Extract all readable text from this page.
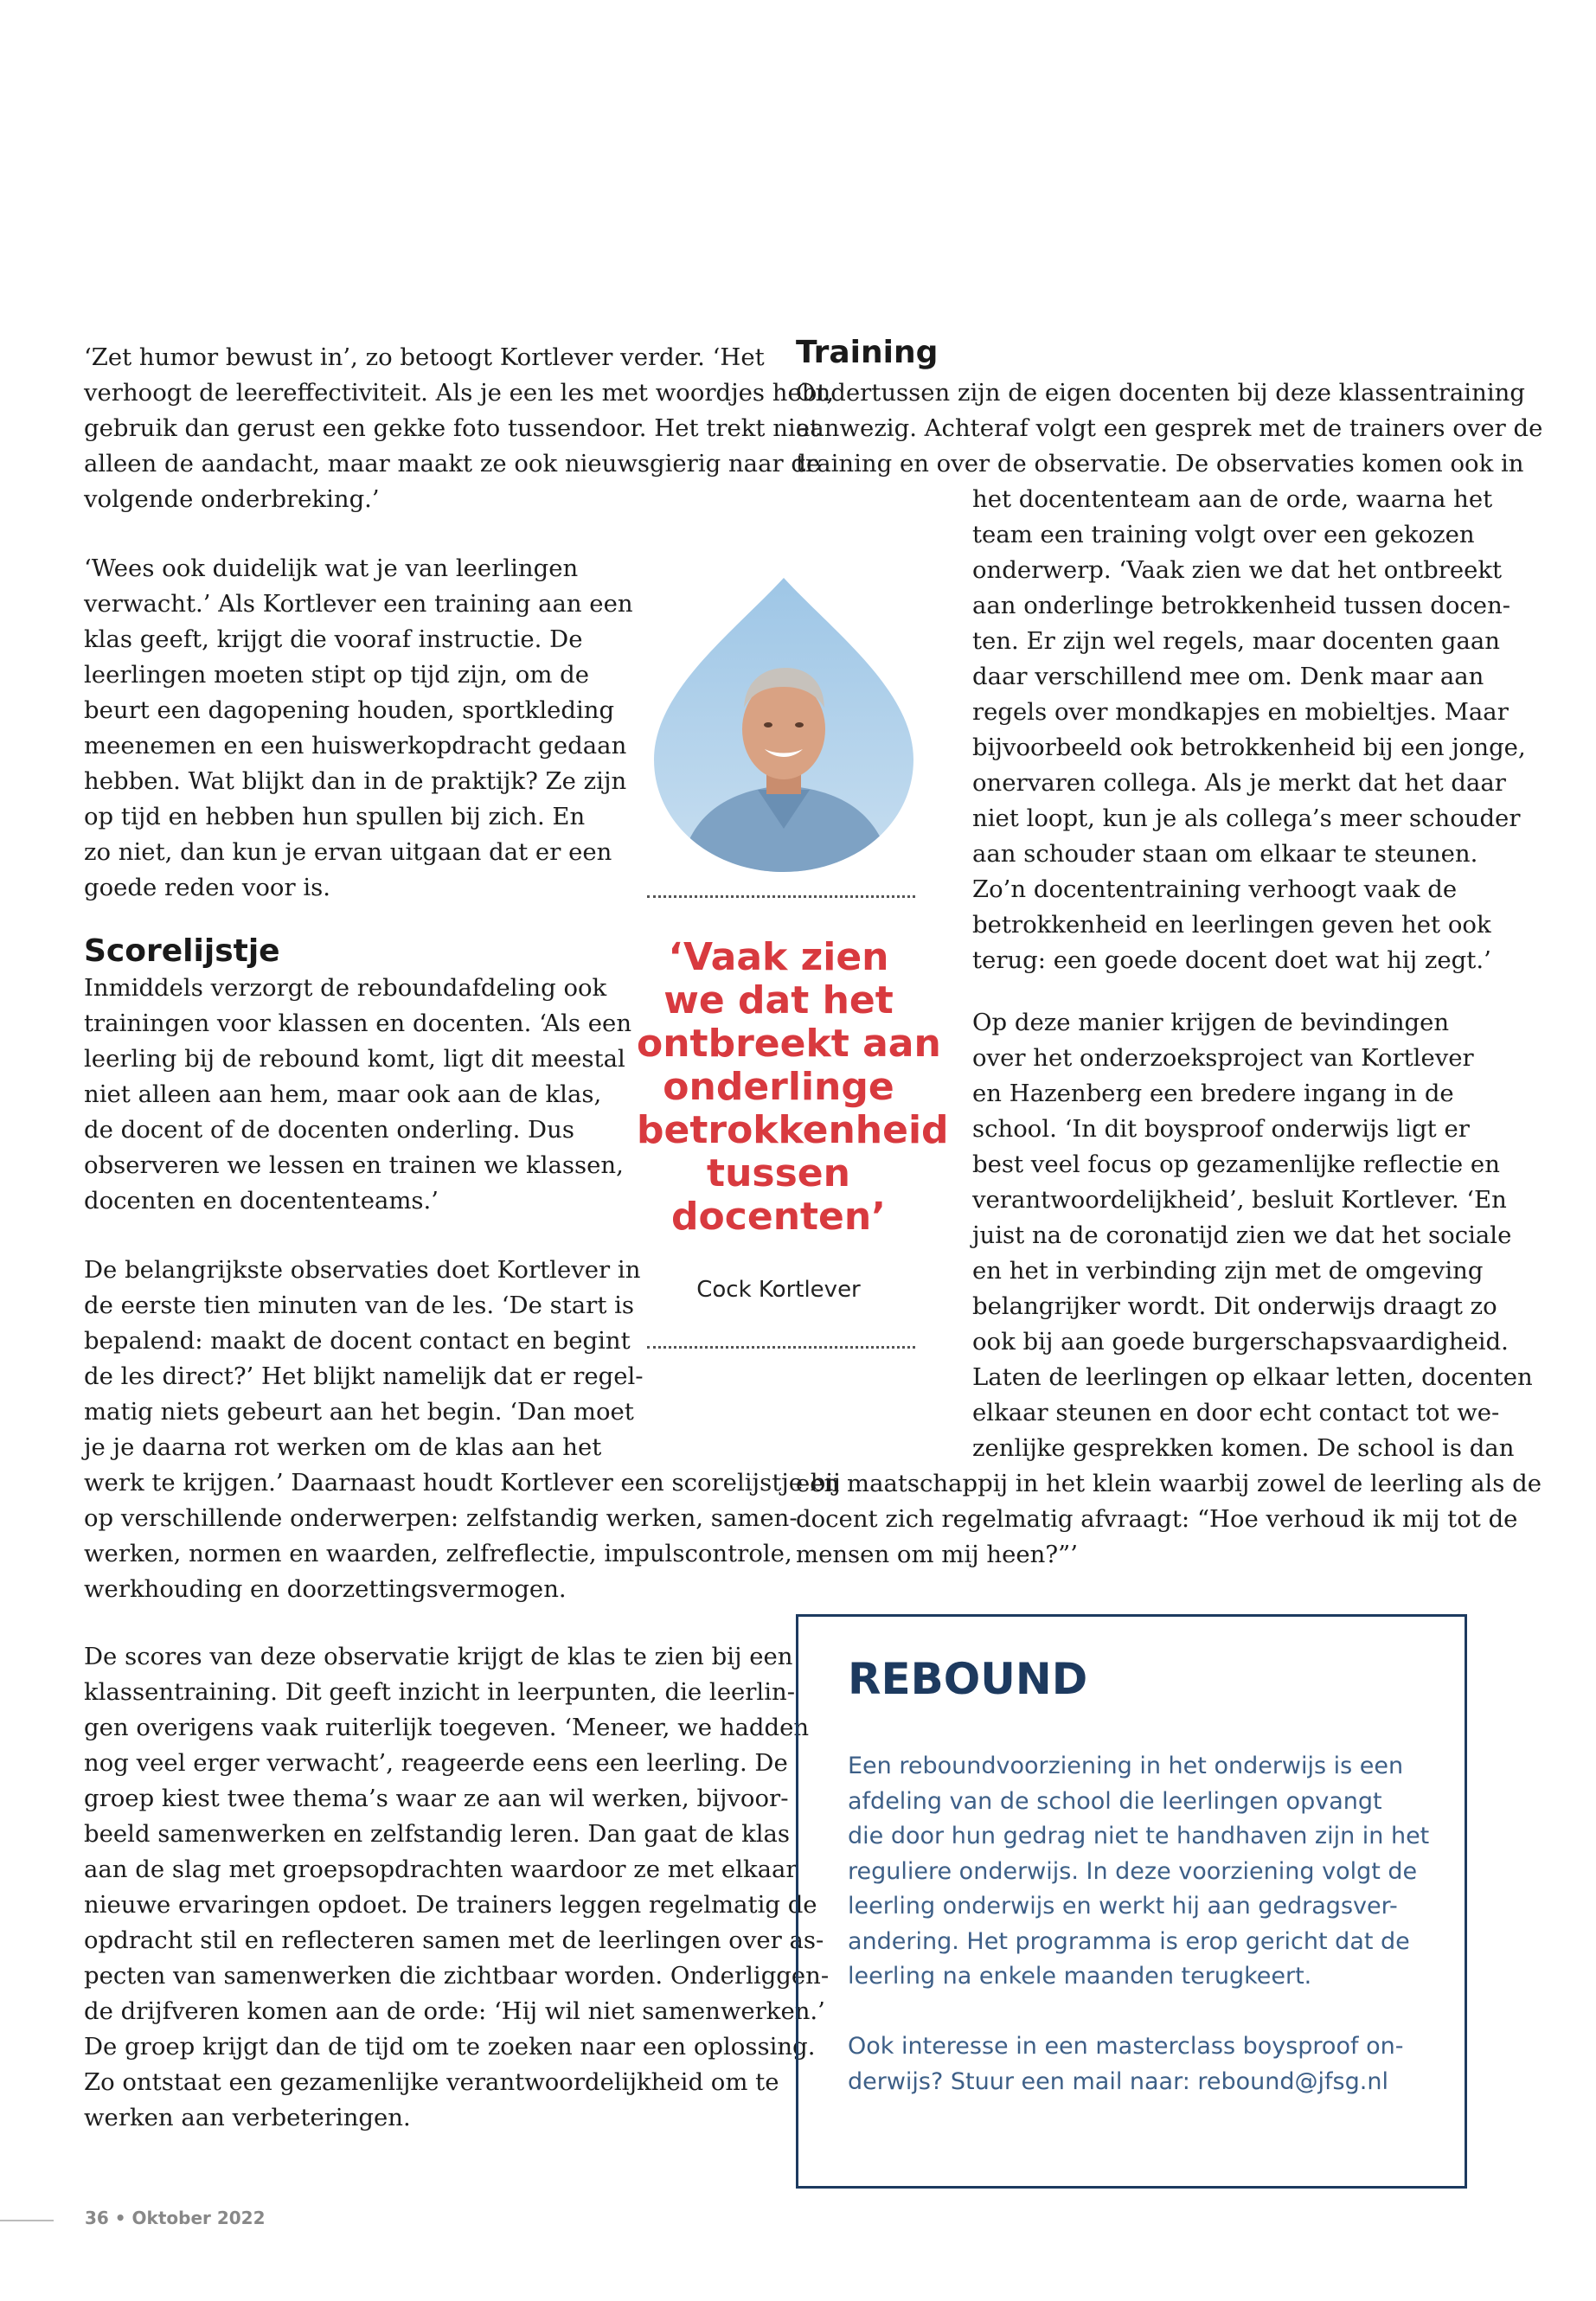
‘Zet humor bewust in’, zo betoogt Kortlever verder. ‘Het
verhoogt de leereffectiviteit. Als je een les met woordjes hebt,
gebruik dan gerust een gekke foto tussendoor. Het trekt niet
alleen de aandacht, maar maakt ze ook nieuwsgierig naar de
volgende onderbreking.’
‘Wees ook duidelijk wat je van leerlingen
verwacht.’ Als Kortlever een training aan een
klas geeft, krijgt die vooraf instructie. De
leerlingen moeten stipt op tijd zijn, om de
beurt een dagopening houden, sportkleding
meenemen en een huiswerkopdracht gedaan
hebben. Wat blijkt dan in de praktijk? Ze zijn
op tijd en hebben hun spullen bij zich. En
zo niet, dan kun je ervan uitgaan dat er een
goede reden voor is.
Scorelijstje
Inmiddels verzorgt de reboundafdeling ook
trainingen voor klassen en docenten. ‘Als een
leerling bij de rebound komt, ligt dit meestal
niet alleen aan hem, maar ook aan de klas,
de docent of de docenten onderling. Dus
observeren we lessen en trainen we klassen,
docenten en docententeams.’
De belangrijkste observaties doet Kortlever in
de eerste tien minuten van de les. ‘De start is
bepalend: maakt de docent contact en begint
de les direct?’ Het blijkt namelijk dat er regel-
matig niets gebeurt aan het begin. ‘Dan moet
je je daarna rot werken om de klas aan het
werk te krijgen.’ Daarnaast houdt Kortlever een scorelijstje bij
op verschillende onderwerpen: zelfstandig werken, samen-
werken, normen en waarden, zelfreflectie, impulscontrole,
werkhouding en doorzettingsvermogen.
De scores van deze observatie krijgt de klas te zien bij een
klassentraining. Dit geeft inzicht in leerpunten, die leerlin-
gen overigens vaak ruiterlijk toegeven. ‘Meneer, we hadden
nog veel erger verwacht’, reageerde eens een leerling. De
groep kiest twee thema’s waar ze aan wil werken, bijvoor-
beeld samenwerken en zelfstandig leren. Dan gaat de klas
aan de slag met groepsopdrachten waardoor ze met elkaar
nieuwe ervaringen opdoet. De trainers leggen regelmatig de
opdracht stil en reflecteren samen met de leerlingen over as-
pecten van samenwerken die zichtbaar worden. Onderliggen-
de drijfveren komen aan de orde: ‘Hij wil niet samenwerken.’
De groep krijgt dan de tijd om te zoeken naar een oplossing.
Zo ontstaat een gezamenlijke verantwoordelijkheid om te
werken aan verbeteringen.
‘Vaak zien
we dat het
ontbreekt aan
onderlinge
betrokkenheid
tussen
docenten’
Cock Kortlever
Training
Ondertussen zijn de eigen docenten bij deze klassentraining
aanwezig. Achteraf volgt een gesprek met de trainers over de
training en over de observatie. De observaties komen ook in
het docententeam aan de orde, waarna het
team een training volgt over een gekozen
onderwerp. ‘Vaak zien we dat het ontbreekt
aan onderlinge betrokkenheid tussen docen-
ten. Er zijn wel regels, maar docenten gaan
daar verschillend mee om. Denk maar aan
regels over mondkapjes en mobieltjes. Maar
bijvoorbeeld ook betrokkenheid bij een jonge,
onervaren collega. Als je merkt dat het daar
niet loopt, kun je als collega’s meer schouder
aan schouder staan om elkaar te steunen.
Zo’n docententraining verhoogt vaak de
betrokkenheid en leerlingen geven het ook
terug: een goede docent doet wat hij zegt.’
Op deze manier krijgen de bevindingen
over het onderzoeksproject van Kortlever
en Hazenberg een bredere ingang in de
school. ‘In dit boysproof onderwijs ligt er
best veel focus op gezamenlijke reflectie en
verantwoordelijkheid’, besluit Kortlever. ‘En
juist na de coronatijd zien we dat het sociale
en het in verbinding zijn met de omgeving
belangrijker wordt. Dit onderwijs draagt zo
ook bij aan goede burgerschapsvaardigheid.
Laten de leerlingen op elkaar letten, docenten
elkaar steunen en door echt contact tot we-
zenlijke gesprekken komen. De school is dan
een maatschappij in het klein waarbij zowel de leerling als de
docent zich regelmatig afvraagt: “Hoe verhoud ik mij tot de
mensen om mij heen?”’
REBOUND
Een reboundvoorziening in het onderwijs is een
afdeling van de school die leerlingen opvangt
die door hun gedrag niet te handhaven zijn in het
reguliere onderwijs. In deze voorziening volgt de
leerling onderwijs en werkt hij aan gedragsver-
andering. Het programma is erop gericht dat de
leerling na enkele maanden terugkeert.
Ook interesse in een masterclass boysproof on-
derwijs? Stuur een mail naar: rebound@jfsg.nl
36 • Oktober 2022
